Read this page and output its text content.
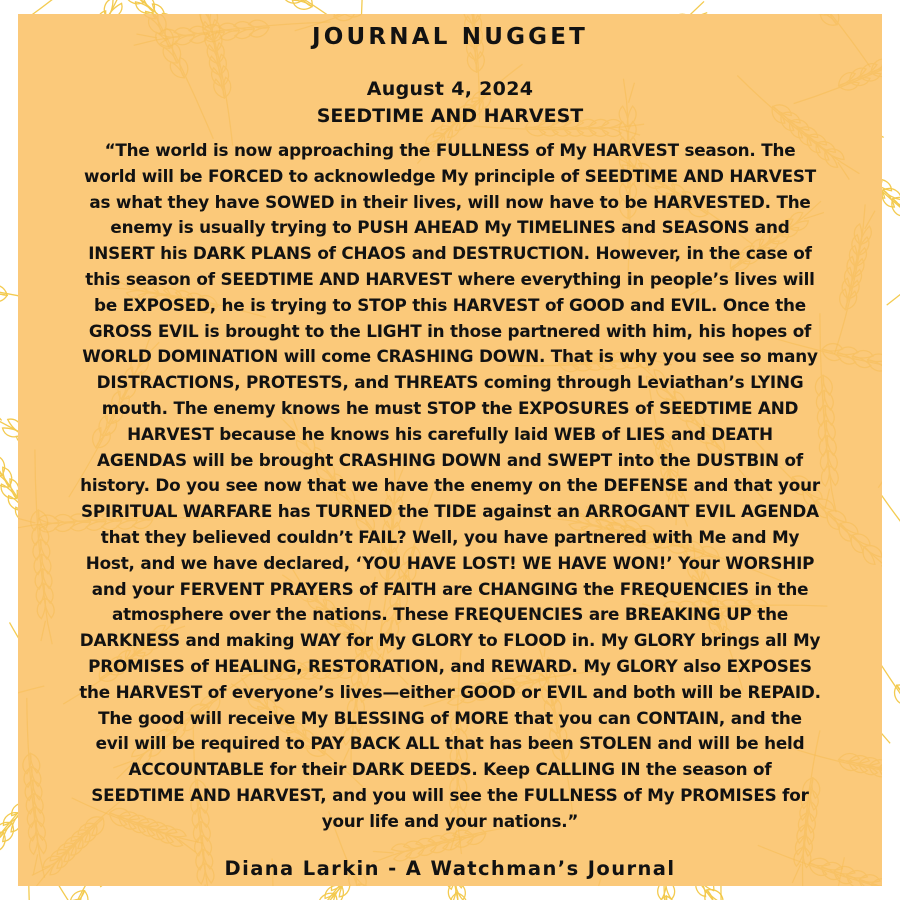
JOURNAL NUGGET
August 4, 2024
SEEDTIME AND HARVEST
“The world is now approaching the FULLNESS of My HARVEST season. The
world will be FORCED to acknowledge My principle of SEEDTIME AND HARVEST
as what they have SOWED in their lives, will now have to be HARVESTED. The
enemy is usually trying to PUSH AHEAD My TIMELINES and SEASONS and
INSERT his DARK PLANS of CHAOS and DESTRUCTION. However, in the case of
this season of SEEDTIME AND HARVEST where everything in people’s lives will
be EXPOSED, he is trying to STOP this HARVEST of GOOD and EVIL. Once the
GROSS EVIL is brought to the LIGHT in those partnered with him, his hopes of
WORLD DOMINATION will come CRASHING DOWN. That is why you see so many
DISTRACTIONS, PROTESTS, and THREATS coming through Leviathan’s LYING
mouth. The enemy knows he must STOP the EXPOSURES of SEEDTIME AND
HARVEST because he knows his carefully laid WEB of LIES and DEATH
AGENDAS will be brought CRASHING DOWN and SWEPT into the DUSTBIN of
history. Do you see now that we have the enemy on the DEFENSE and that your
SPIRITUAL WARFARE has TURNED the TIDE against an ARROGANT EVIL AGENDA
that they believed couldn’t FAIL? Well, you have partnered with Me and My
Host, and we have declared, ‘YOU HAVE LOST! WE HAVE WON!’ Your WORSHIP
and your FERVENT PRAYERS of FAITH are CHANGING the FREQUENCIES in the
atmosphere over the nations. These FREQUENCIES are BREAKING UP the
DARKNESS and making WAY for My GLORY to FLOOD in. My GLORY brings all My
PROMISES of HEALING, RESTORATION, and REWARD. My GLORY also EXPOSES
the HARVEST of everyone’s lives—either GOOD or EVIL and both will be REPAID.
The good will receive My BLESSING of MORE that you can CONTAIN, and the
evil will be required to PAY BACK ALL that has been STOLEN and will be held
ACCOUNTABLE for their DARK DEEDS. Keep CALLING IN the season of
SEEDTIME AND HARVEST, and you will see the FULLNESS of My PROMISES for
your life and your nations.”
Diana Larkin - A Watchman’s Journal
